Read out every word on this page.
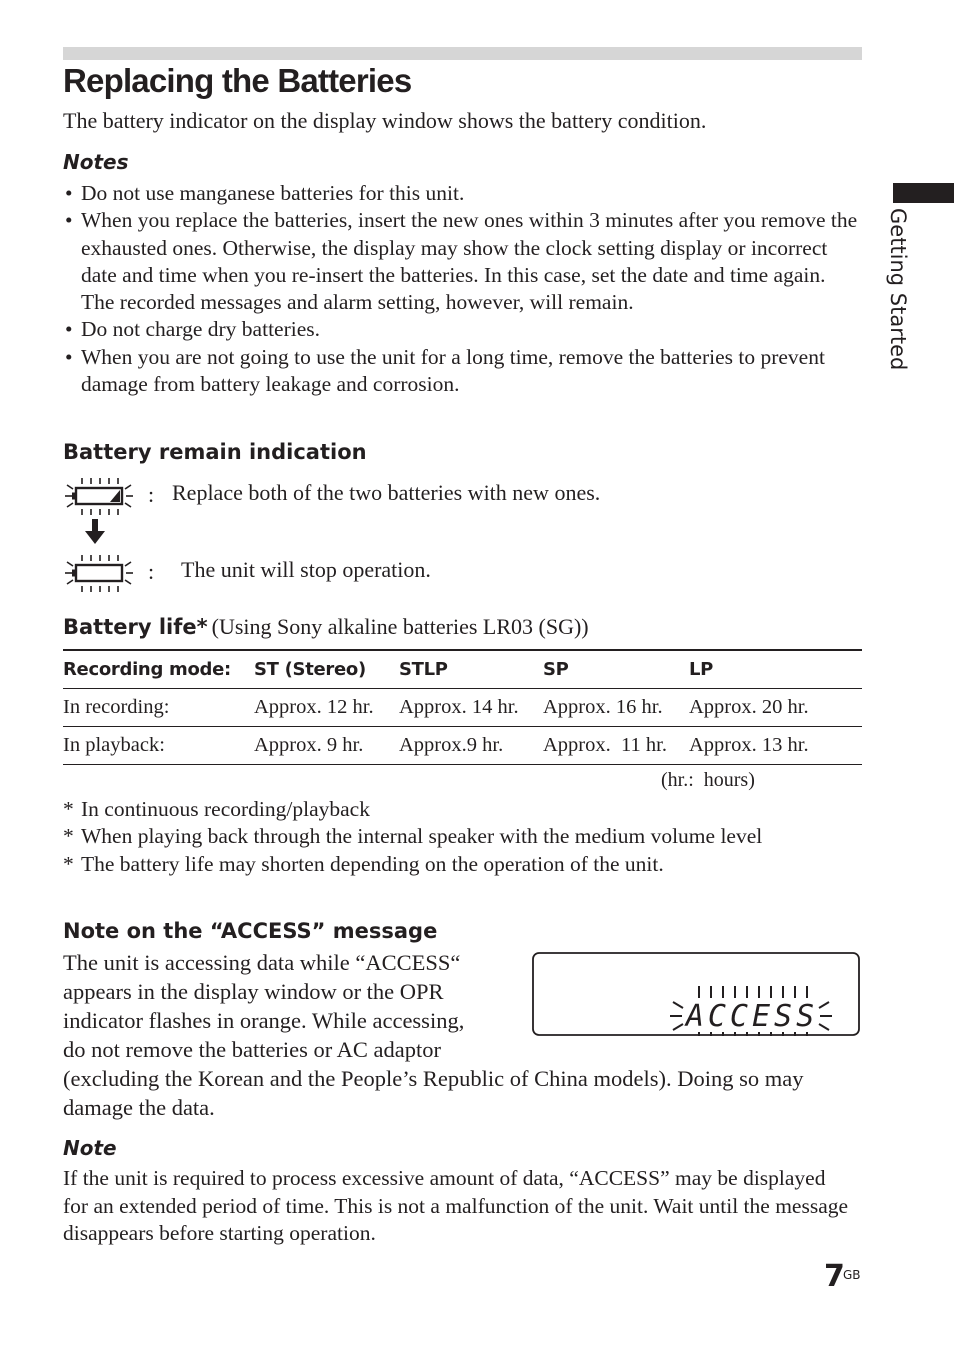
Replacing the Batteries

The battery indicator on the display window shows the battery condition.

Notes
• Do not use manganese batteries for this unit.
• When you replace the batteries, insert the new ones within 3 minutes after you remove the exhausted ones. Otherwise, the display may show the clock setting display or incorrect date and time when you re-insert the batteries. In this case, set the date and time again. The recorded messages and alarm setting, however, will remain.
• Do not charge dry batteries.
• When you are not going to use the unit for a long time, remove the batteries to prevent damage from battery leakage and corrosion.
Getting Started
Battery remain indication
: Replace both of the two batteries with new ones.

: The unit will stop operation.

Battery life* (Using Sony alkaline batteries LR03 (SG))

Recording mode:	ST (Stereo)	STLP	SP	LP
In recording:	Approx. 12 hr.	Approx. 14 hr.	Approx. 16 hr.	Approx. 20 hr.
In playback:	Approx. 9 hr.	Approx.9 hr.	Approx.  11 hr.	Approx. 13 hr.

(hr.:  hours)

* In continuous recording/playback
* When playing back through the internal speaker with the medium volume level
* The battery life may shorten depending on the operation of the unit.
Note on the “ACCESS” message

The unit is accessing data while “ACCESS“ appears in the display window or the OPR indicator flashes in orange. While accessing, do not remove the batteries or AC adaptor (excluding the Korean and the People’s Republic of China models). Doing so may damage the data.

ACCESS
Note

If the unit is required to process excessive amount of data, “ACCESS” may be displayed for an extended period of time. This is not a malfunction of the unit. Wait until the message disappears before starting operation.

7
GB
